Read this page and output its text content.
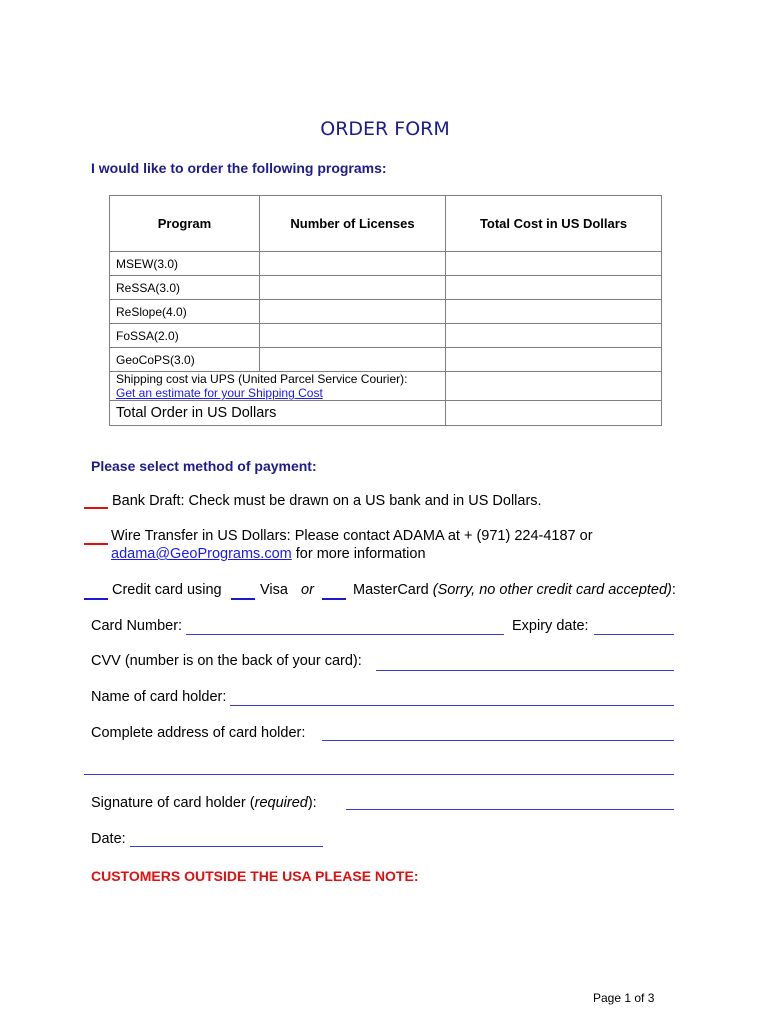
ORDER FORM
I would like to order the following programs:
Program	Number of Licenses	Total Cost in US Dollars
MSEW(3.0)		
ReSSA(3.0)		
ReSlope(4.0)		
FoSSA(2.0)		
GeoCoPS(3.0)		

Shipping cost via UPS (United Parcel Service Courier):
Get an estimate for your Shipping Cost		

Total Order in US Dollars		
Please select method of payment:
Bank Draft: Check must be drawn on a US bank and in US Dollars.
Wire Transfer in US Dollars: Please contact ADAMA at + (971) 224-4187 or
adama@GeoPrograms.com for more information
Credit card using	Visa or	MasterCard (Sorry, no other credit card accepted):
Card Number:	Expiry date:
CVV (number is on the back of your card):
Name of card holder:
Complete address of card holder:
Signature of card holder (required):
Date:
CUSTOMERS OUTSIDE THE USA PLEASE NOTE:
Page 1 of 3
